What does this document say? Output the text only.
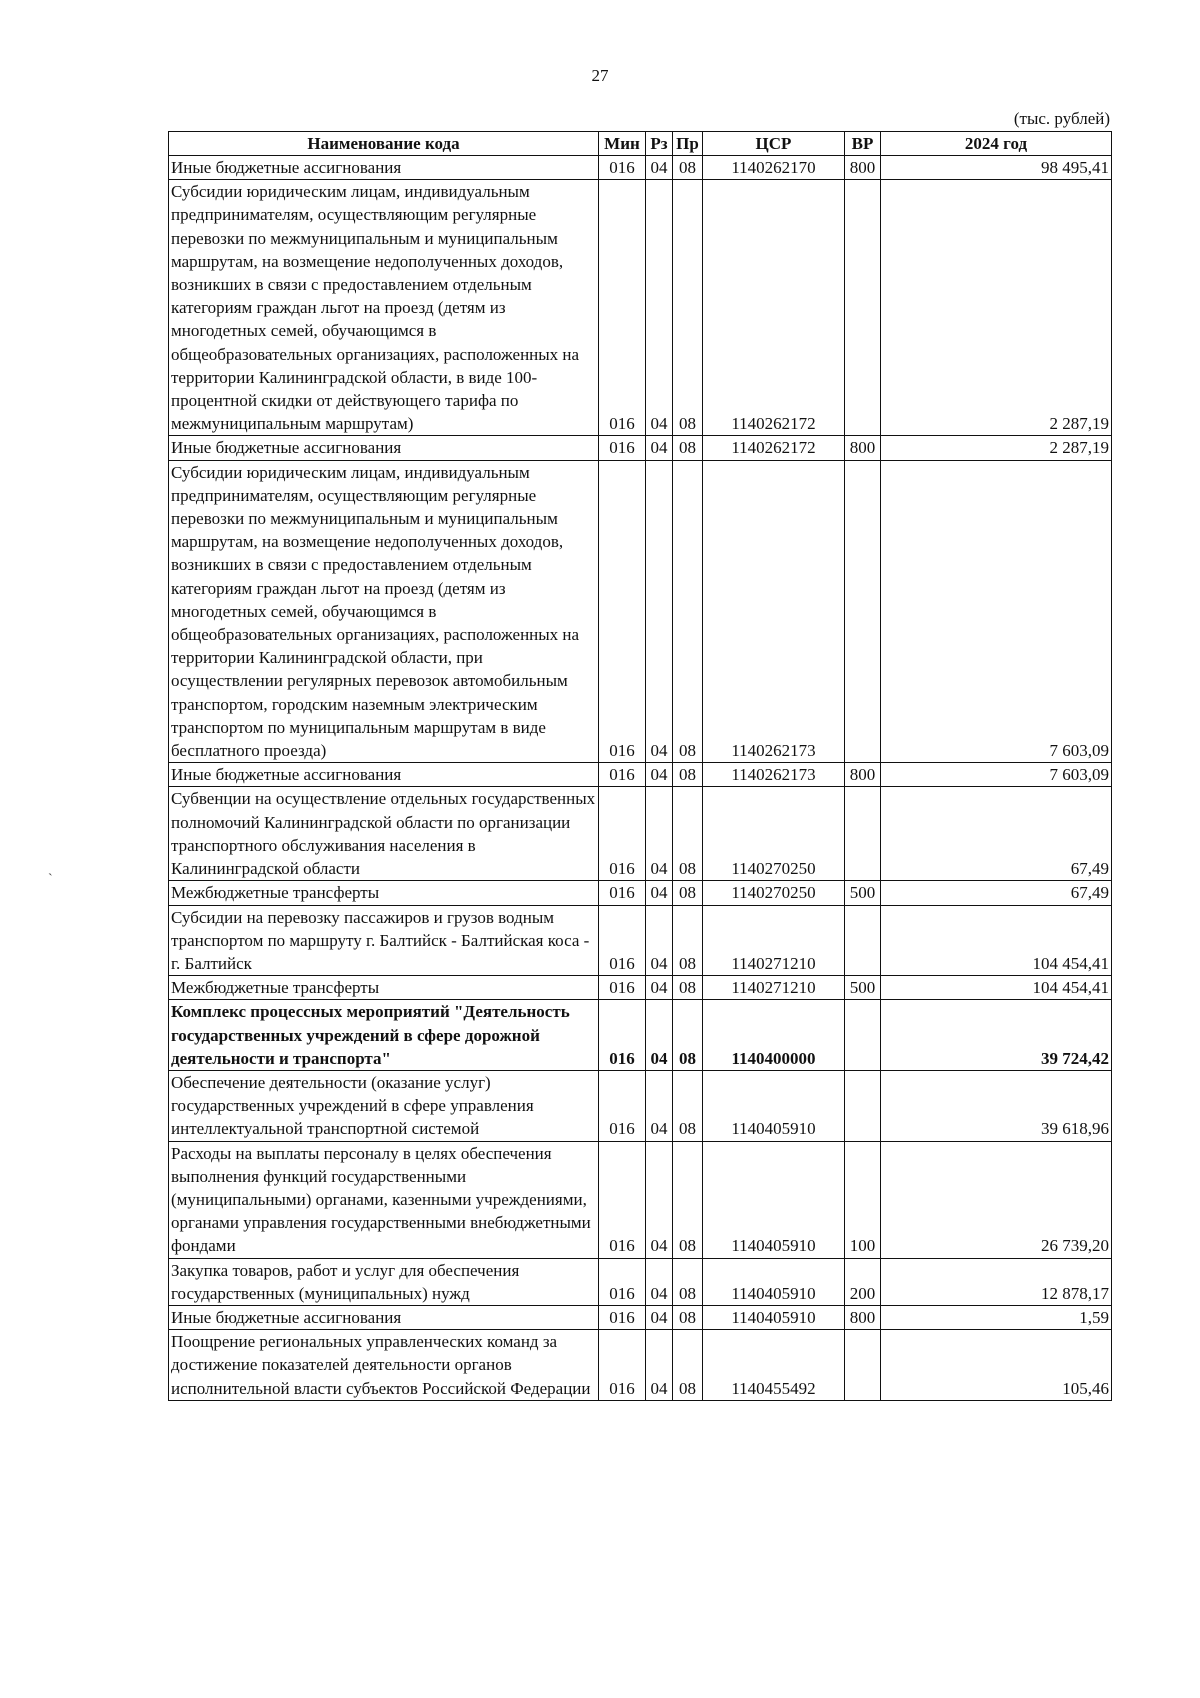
27
(тыс. рублей)
`
Наименование кода	Мин	Рз	Пр	ЦСР	ВР	2024 год
Иные бюджетные ассигнования	016	04	08	1140262170	800	98 495,41
Субсидии юридическим лицам, индивидуальным предпринимателям, осуществляющим регулярные перевозки по межмуниципальным и муниципальным маршрутам, на возмещение недополученных доходов, возникших в связи с предоставлением отдельным категориям граждан льгот на проезд (детям из многодетных семей, обучающимся в общеобразовательных организациях, расположенных на территории Калининградской области, в виде 100-процентной скидки от действующего тарифа по межмуниципальным маршрутам)	016	04	08	1140262172		2 287,19
Иные бюджетные ассигнования	016	04	08	1140262172	800	2 287,19
Субсидии юридическим лицам, индивидуальным предпринимателям, осуществляющим регулярные перевозки по межмуниципальным и муниципальным маршрутам, на возмещение недополученных доходов, возникших в связи с предоставлением отдельным категориям граждан льгот на проезд (детям из многодетных семей, обучающимся в общеобразовательных организациях, расположенных на территории Калининградской области, при осуществлении регулярных перевозок автомобильным транспортом, городским наземным электрическим транспортом по муниципальным маршрутам в виде бесплатного проезда)	016	04	08	1140262173		7 603,09
Иные бюджетные ассигнования	016	04	08	1140262173	800	7 603,09
Субвенции на осуществление отдельных государственных полномочий Калининградской области по организации транспортного обслуживания населения в Калининградской области	016	04	08	1140270250		67,49
Межбюджетные трансферты	016	04	08	1140270250	500	67,49
Субсидии на перевозку пассажиров и грузов водным транспортом по маршруту г. Балтийск - Балтийская коса - г. Балтийск	016	04	08	1140271210		104 454,41
Межбюджетные трансферты	016	04	08	1140271210	500	104 454,41
Комплекс процессных мероприятий "Деятельность государственных учреждений в сфере дорожной деятельности и транспорта"	016	04	08	1140400000		39 724,42
Обеспечение деятельности (оказание услуг) государственных учреждений в сфере управления интеллектуальной транспортной системой	016	04	08	1140405910		39 618,96
Расходы на выплаты персоналу в целях обеспечения выполнения функций государственными (муниципальными) органами, казенными учреждениями, органами управления государственными внебюджетными фондами	016	04	08	1140405910	100	26 739,20
Закупка товаров, работ и услуг для обеспечения государственных (муниципальных) нужд	016	04	08	1140405910	200	12 878,17
Иные бюджетные ассигнования	016	04	08	1140405910	800	1,59
Поощрение региональных управленческих команд за достижение показателей деятельности органов исполнительной власти субъектов Российской Федерации	016	04	08	1140455492		105,46
